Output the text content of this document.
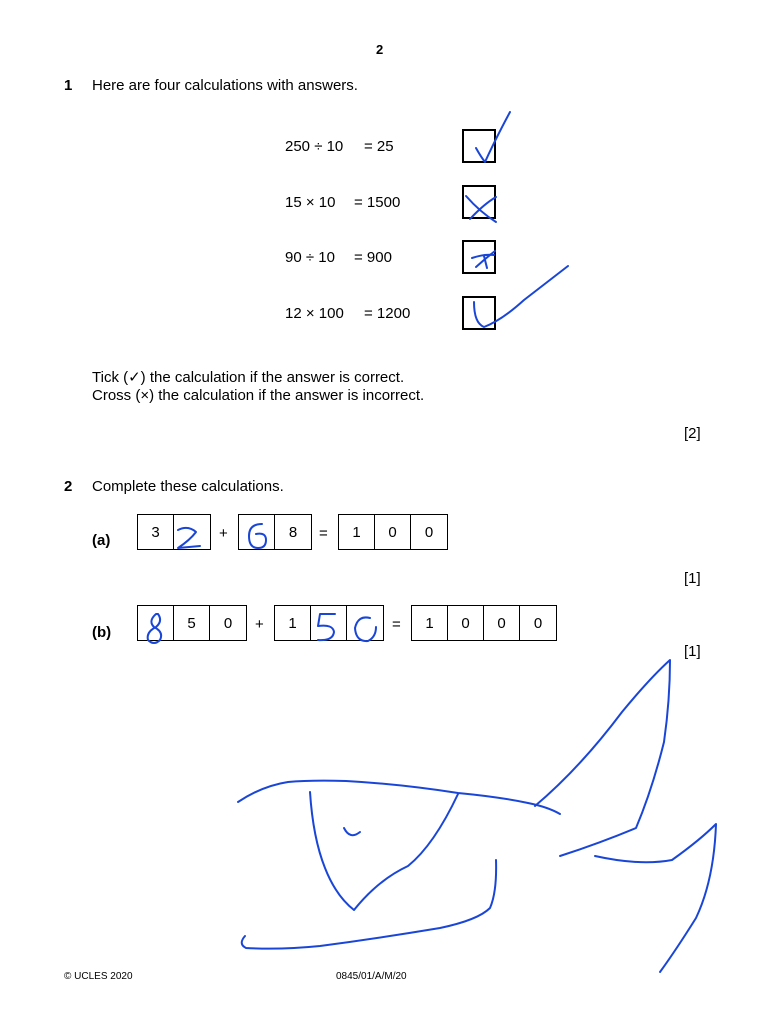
2
1 Here are four calculations with answers.
250 ÷ 10 = 25
15 × 10 = 1500
90 ÷ 10 = 900
12 × 100 = 1200
Tick (✓) the calculation if the answer is correct.
Cross (×) the calculation if the answer is incorrect.
[2]
2 Complete these calculations.
(a)	3	+	8	=	1	0	0
[1]
(b)
5	0	+	1	=	1	0	0	0
[1]
© UCLES 2020	0845/01/A/M/20
